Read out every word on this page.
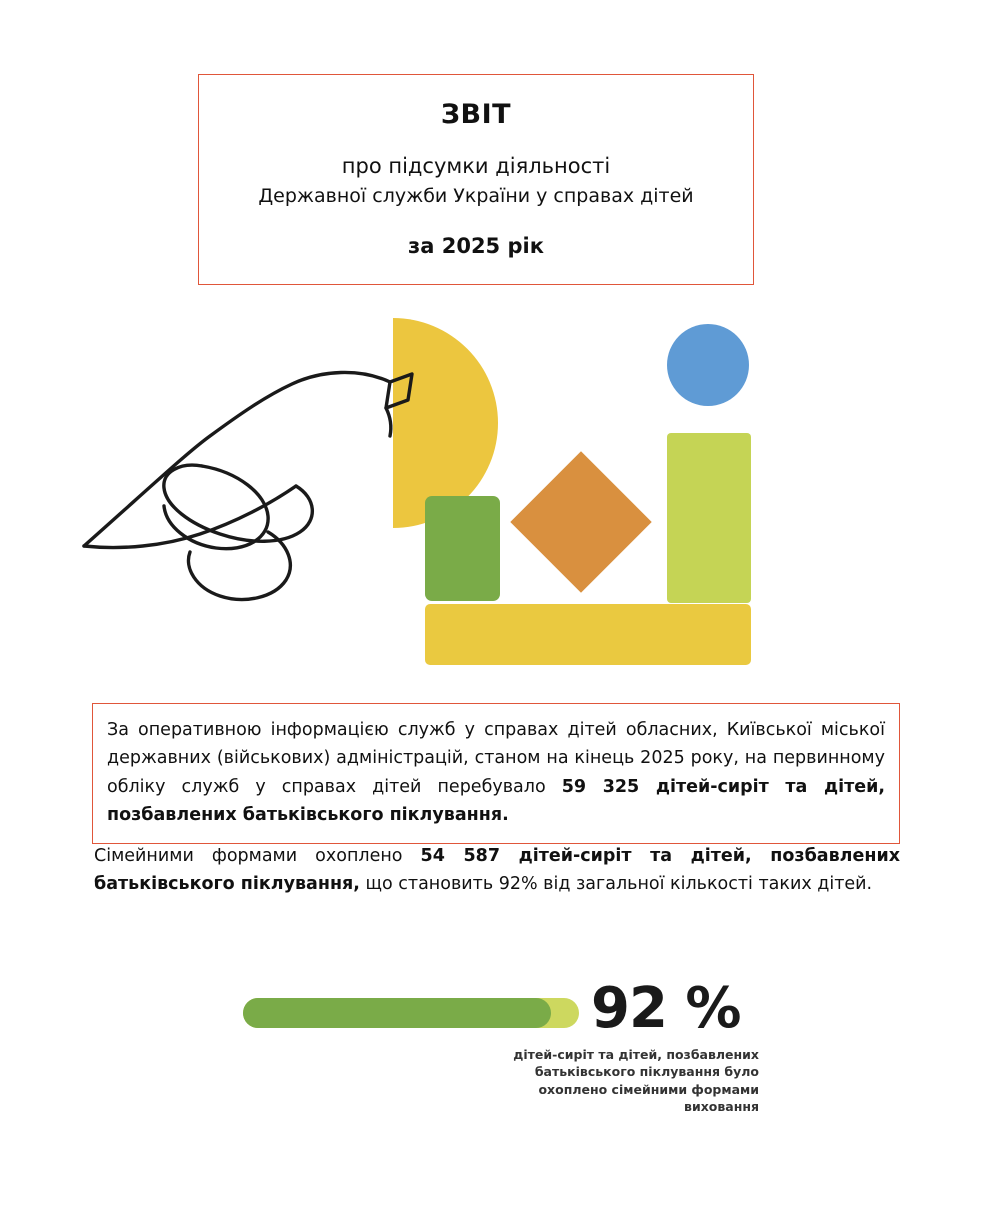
ЗВІТ
про підсумки діяльності
Державної служби України у справах дітей
за 2025 рік
За оперативною інформацією служб у справах дітей обласних, Київської міської державних (військових) адміністрацій, станом на кінець 2025 року, на первинному обліку служб у справах дітей перебувало 59 325 дітей-сиріт та дітей, позбавлених батьківського піклування.
Сімейними формами охоплено 54 587 дітей-сиріт та дітей, позбавлених батьківського піклування, що становить 92% від загальної кількості таких дітей.
92 %
дітей-сиріт та дітей, позбавлених
батьківського піклування було
охоплено сімейними формами
виховання
